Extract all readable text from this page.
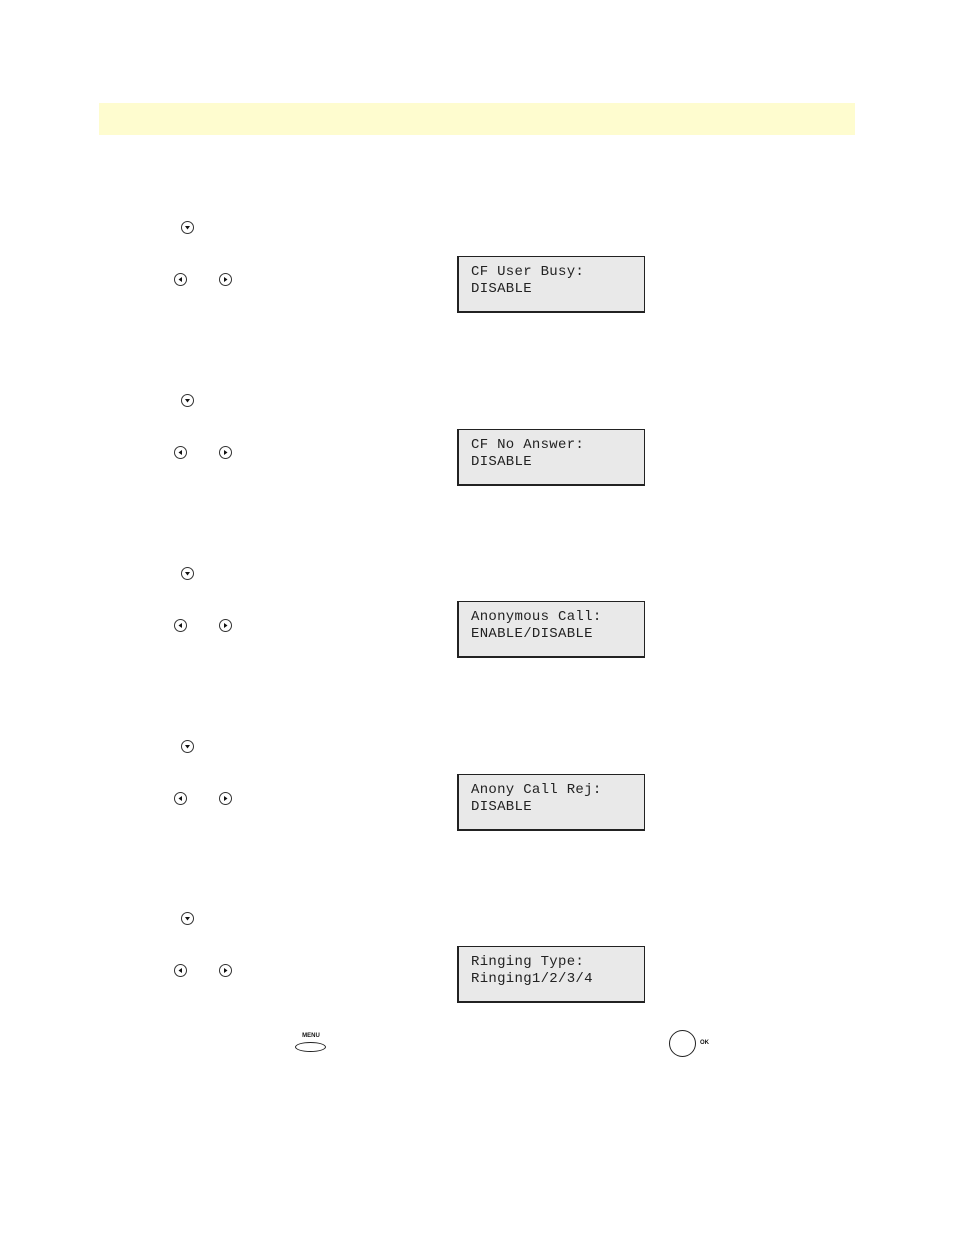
CF User Busy:
DISABLE
CF No Answer:
DISABLE
Anonymous Call:
ENABLE/DISABLE
Anony Call Rej:
DISABLE
Ringing Type:
Ringing1/2/3/4
MENU
OK
